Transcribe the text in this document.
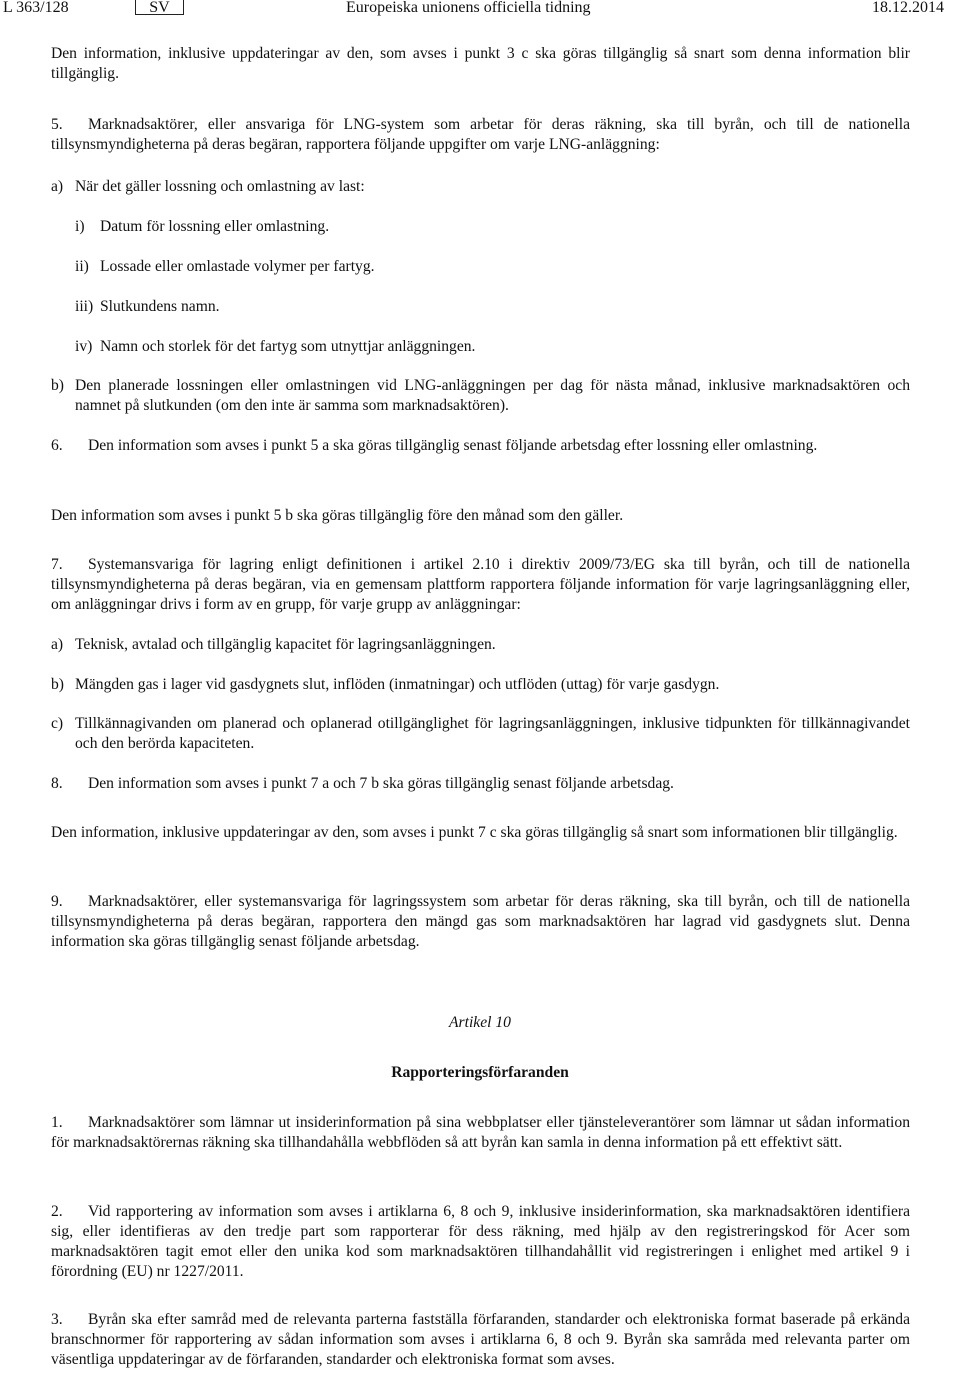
L 363/128	SV	Europeiska unionens officiella tidning	18.12.2014
Den information, inklusive uppdateringar av den, som avses i punkt 3 c ska göras tillgänglig så snart som denna information blir tillgänglig.
5. Marknadsaktörer, eller ansvariga för LNG-system som arbetar för deras räkning, ska till byrån, och till de nationella tillsynsmyndigheterna på deras begäran, rapportera följande uppgifter om varje LNG-anläggning:
a) När det gäller lossning och omlastning av last:
i) Datum för lossning eller omlastning.
ii) Lossade eller omlastade volymer per fartyg.
iii) Slutkundens namn.
iv) Namn och storlek för det fartyg som utnyttjar anläggningen.
b) Den planerade lossningen eller omlastningen vid LNG-anläggningen per dag för nästa månad, inklusive marknadsaktören och namnet på slutkunden (om den inte är samma som marknadsaktören).
6. Den information som avses i punkt 5 a ska göras tillgänglig senast följande arbetsdag efter lossning eller omlastning.
Den information som avses i punkt 5 b ska göras tillgänglig före den månad som den gäller.
7. Systemansvariga för lagring enligt definitionen i artikel 2.10 i direktiv 2009/73/EG ska till byrån, och till de nationella tillsynsmyndigheterna på deras begäran, via en gemensam plattform rapportera följande information för varje lagringsanläggning eller, om anläggningar drivs i form av en grupp, för varje grupp av anläggningar:
a) Teknisk, avtalad och tillgänglig kapacitet för lagringsanläggningen.
b) Mängden gas i lager vid gasdygnets slut, inflöden (inmatningar) och utflöden (uttag) för varje gasdygn.
c) Tillkännagivanden om planerad och oplanerad otillgänglighet för lagringsanläggningen, inklusive tidpunkten för tillkännagivandet och den berörda kapaciteten.
8. Den information som avses i punkt 7 a och 7 b ska göras tillgänglig senast följande arbetsdag.
Den information, inklusive uppdateringar av den, som avses i punkt 7 c ska göras tillgänglig så snart som informationen blir tillgänglig.
9. Marknadsaktörer, eller systemansvariga för lagringssystem som arbetar för deras räkning, ska till byrån, och till de nationella tillsynsmyndigheterna på deras begäran, rapportera den mängd gas som marknadsaktören har lagrad vid gasdygnets slut. Denna information ska göras tillgänglig senast följande arbetsdag.
Artikel 10
Rapporteringsförfaranden
1. Marknadsaktörer som lämnar ut insiderinformation på sina webbplatser eller tjänsteleverantörer som lämnar ut sådan information för marknadsaktörernas räkning ska tillhandahålla webbflöden så att byrån kan samla in denna information på ett effektivt sätt.
2. Vid rapportering av information som avses i artiklarna 6, 8 och 9, inklusive insiderinformation, ska marknadsaktören identifiera sig, eller identifieras av den tredje part som rapporterar för dess räkning, med hjälp av den registreringskod för Acer som marknadsaktören tagit emot eller den unika kod som marknadsaktören tillhandahållit vid registreringen i enlighet med artikel 9 i förordning (EU) nr 1227/2011.
3. Byrån ska efter samråd med de relevanta parterna fastställa förfaranden, standarder och elektroniska format baserade på erkända branschnormer för rapportering av sådan information som avses i artiklarna 6, 8 och 9. Byrån ska samråda med relevanta parter om väsentliga uppdateringar av de förfaranden, standarder och elektroniska format som avses.
